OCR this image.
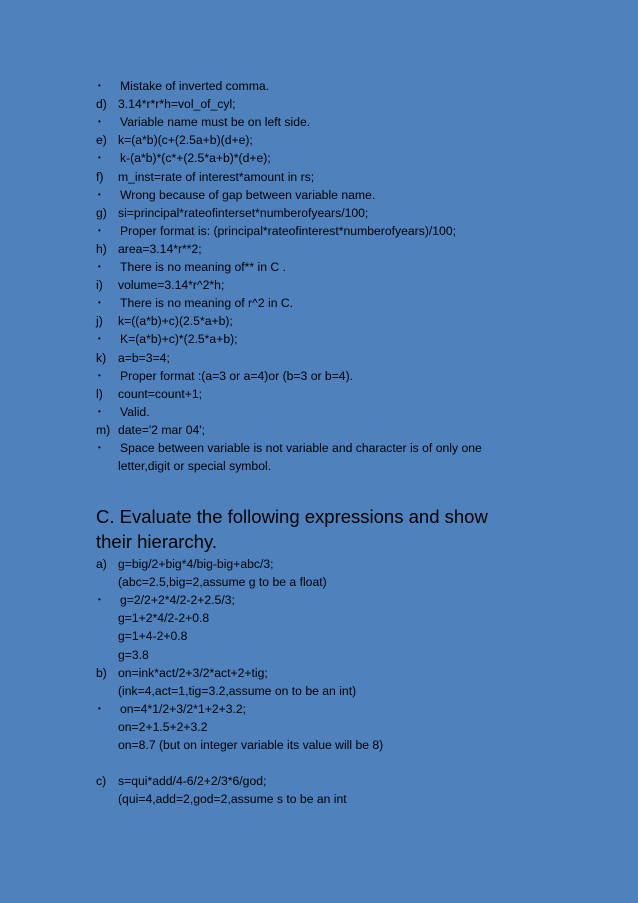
• Mistake of inverted comma.
d) 3.14*r*r*h=vol_of_cyl;
• Variable name must be on left side.
e) k=(a*b)(c+(2.5a+b)(d+e);
• k-(a*b)*(c*+(2.5*a+b)*(d+e);
f) m_inst=rate of interest*amount in rs;
• Wrong because of gap between variable name.
g) si=principal*rateofinterset*numberofyears/100;
• Proper format is: (principal*rateofinterest*numberofyears)/100;
h) area=3.14*r**2;
• There is no meaning of** in C .
i) volume=3.14*r^2*h;
• There is no meaning of r^2 in C.
j) k=((a*b)+c)(2.5*a+b);
• K=(a*b)+c)*(2.5*a+b);
k) a=b=3=4;
• Proper format :(a=3 or a=4)or (b=3 or b=4).
l) count=count+1;
• Valid.
m) date='2 mar 04';
• Space between variable is not variable and character is of only one
letter,digit or special symbol.
C. Evaluate the following expressions and show
their hierarchy.
a) g=big/2+big*4/big-big+abc/3;
(abc=2.5,big=2,assume g to be a float)
• g=2/2+2*4/2-2+2.5/3;
g=1+2*4/2-2+0.8
g=1+4-2+0.8
g=3.8
b) on=ink*act/2+3/2*act+2+tig;
(ink=4,act=1,tig=3.2,assume on to be an int)
• on=4*1/2+3/2*1+2+3.2;
on=2+1.5+2+3.2
on=8.7 (but on integer variable its value will be 8)
c) s=qui*add/4-6/2+2/3*6/god;
(qui=4,add=2,god=2,assume s to be an int
